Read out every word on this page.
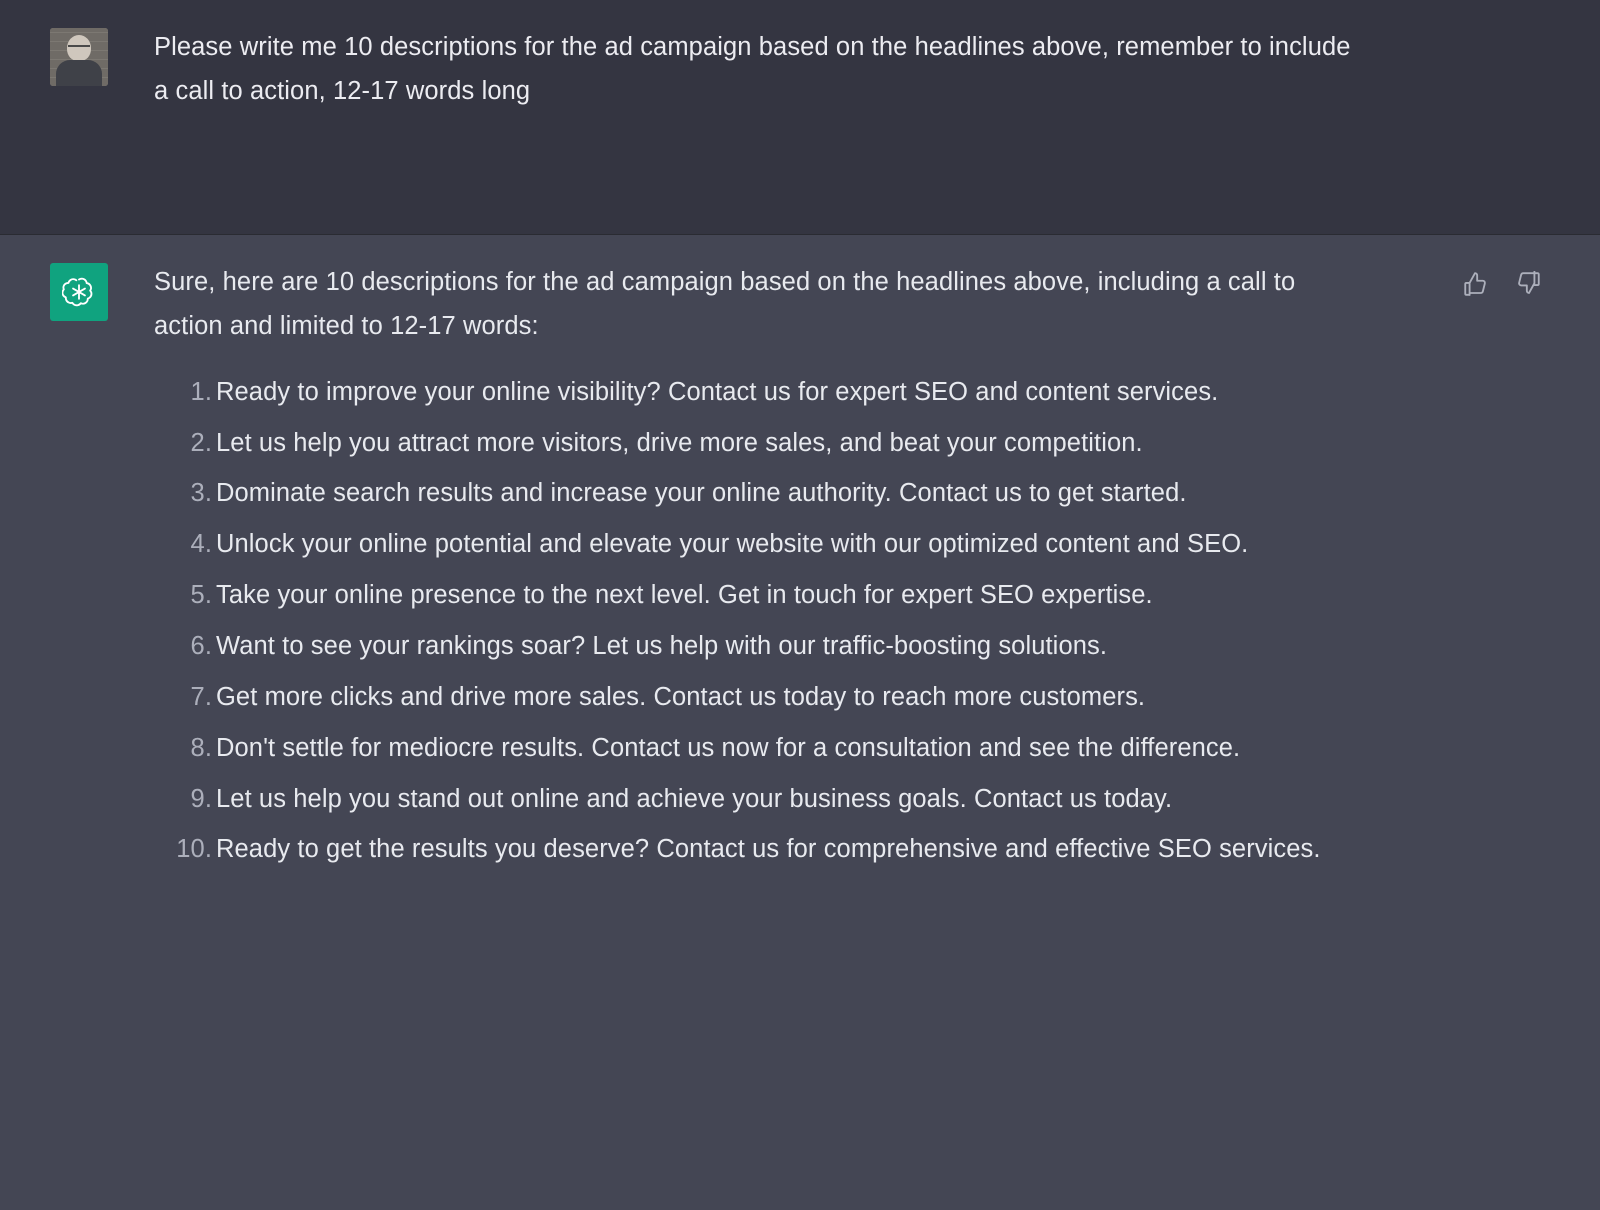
Please write me 10 descriptions for the ad campaign based on the headlines above, remember to include a call to action, 12-17 words long

Sure, here are 10 descriptions for the ad campaign based on the headlines above, including a call to action and limited to 12-17 words:

Ready to improve your online visibility? Contact us for expert SEO and content services.
Let us help you attract more visitors, drive more sales, and beat your competition.
Dominate search results and increase your online authority. Contact us to get started.
Unlock your online potential and elevate your website with our optimized content and SEO.
Take your online presence to the next level. Get in touch for expert SEO expertise.
Want to see your rankings soar? Let us help with our traffic-boosting solutions.
Get more clicks and drive more sales. Contact us today to reach more customers.
Don't settle for mediocre results. Contact us now for a consultation and see the difference.
Let us help you stand out online and achieve your business goals. Contact us today.
Ready to get the results you deserve? Contact us for comprehensive and effective SEO services.
